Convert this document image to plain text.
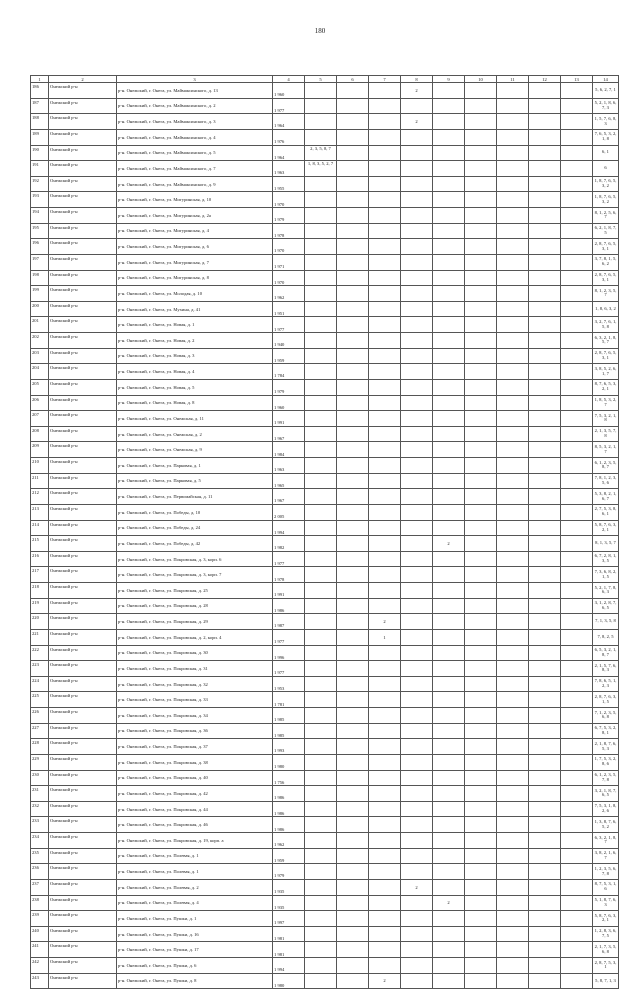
180
1	2	3	4	5	6	7	8	9	10	11	12	13	14
186	Онежский р-н	р-н. Онежский, г. Онега, ул. Маймаксинского, д. 13	1 960				2						5, 6, 2, 7, 1
187	Онежский р-н	р-н. Онежский, г. Онега, ул. Маймаксинского, д. 2	1 977										5, 2, 1, 8, 6, 7, 3
188	Онежский р-н	р-н. Онежский, г. Онега, ул. Маймаксинского, д. 3	1 964				2						1, 5, 7, 6, 8, 3
189	Онежский р-н	р-н. Онежский, г. Онега, ул. Маймаксинского, д. 4	1 976										7, 6, 5, 3, 2, 1, 8
190	Онежский р-н	р-н. Онежский, г. Онега, ул. Маймаксинского, д. 5	1 964	2, 3, 5, 8, 7									6, 1
191	Онежский р-н	р-н. Онежский, г. Онега, ул. Маймаксинского, д. 7	1 963	1, 8, 3, 5, 2, 7									6
192	Онежский р-н	р-н. Онежский, г. Онега, ул. Маймаксинского, д. 9	1 955										1, 8, 7, 6, 5, 3, 2
193	Онежский р-н	р-н. Онежский, г. Онега, ул. Мигуринская, д. 10	1 970										1, 8, 7, 6, 5, 3, 2
194	Онежский р-н	р-н. Онежский, г. Онега, ул. Мигуринская, д. 2а	1 979										8, 1, 2, 5, 6, 7
195	Онежский р-н	р-н. Онежский, г. Онега, ул. Мигуринская, д. 4	1 978										6, 2, 1, 8, 7, 5
196	Онежский р-н	р-н. Онежский, г. Онега, ул. Мигуринская, д. 6	1 970										2, 8, 7, 6, 5, 3, 1
197	Онежский р-н	р-н. Онежский, г. Онега, ул. Мигуринская, д. 7	1 971										3, 7, 8, 1, 5, 6, 2
198	Онежский р-н	р-н. Онежский, г. Онега, ул. Мигуринская, д. 8	1 970										2, 8, 7, 6, 5, 3, 1
199	Онежский р-н	р-н. Онежский, г. Онега, ул. Молодая, д. 10	1 962										8, 1, 2, 3, 5, 7
200	Онежский р-н	р-н. Онежский, г. Онега, ул. Мухина, д. 41	1 951										1, 8, 6, 3, 2
201	Онежский р-н	р-н. Онежский, г. Онега, ул. Новая, д. 1	1 977										3, 2, 7, 6, 1, 5, 8
202	Онежский р-н	р-н. Онежский, г. Онега, ул. Новая, д. 2	1 940										6, 3, 2, 1, 8, 5, 7
203	Онежский р-н	р-н. Онежский, г. Онега, ул. Новая, д. 3	1 959										2, 8, 7, 6, 5, 3, 1
204	Онежский р-н	р-н. Онежский, г. Онега, ул. Новая, д. 4	1 784										3, 8, 5, 2, 6, 1, 7
205	Онежский р-н	р-н. Онежский, г. Онега, ул. Новая, д. 5	1 979										8, 7, 6, 5, 3, 2, 1
206	Онежский р-н	р-н. Онежский, г. Онега, ул. Новая, д. 8	1 960										1, 8, 5, 3, 2, 7
207	Онежский р-н	р-н. Онежский, г. Онега, ул. Онежская, д. 11	1 991										7, 5, 3, 2, 1, 8
208	Онежский р-н	р-н. Онежский, г. Онега, ул. Онежская, д. 2	1 967										2, 1, 3, 5, 7, 8
209	Онежский р-н	р-н. Онежский, г. Онега, ул. Онежская, д. 9	1 984										8, 5, 3, 2, 1, 7
210	Онежский р-н	р-н. Онежский, г. Онега, ул. Парковая, д. 1	1 963										6, 1, 2, 3, 5, 8, 7
211	Онежский р-н	р-н. Онежский, г. Онега, ул. Парковая, д. 5	1 965										7, 8, 1, 2, 3, 5, 6
212	Онежский р-н	р-н. Онежский, г. Онега, ул. Первомайская, д. 11	1 967										5, 3, 8, 2, 1, 6, 7
213	Онежский р-н	р-н. Онежский, г. Онега, ул. Победы, д. 10	2 005										2, 7, 5, 3, 8, 6, 1
214	Онежский р-н	р-н. Онежский, г. Онега, ул. Победы, д. 24	1 994										5, 8, 7, 6, 3, 2, 1
215	Онежский р-н	р-н. Онежский, г. Онега, ул. Победы, д. 42	1 982					2					8, 1, 3, 5, 7
216	Онежский р-н	р-н. Онежский, г. Онега, ул. Покровская, д. 3, корп. 6	1 977										6, 7, 2, 8, 1, 3, 5
217	Онежский р-н	р-н. Онежский, г. Онега, ул. Покровская, д. 3, корп. 7	1 978										7, 3, 6, 8, 2, 1, 5
218	Онежский р-н	р-н. Онежский, г. Онега, ул. Покровская, д. 25	1 991										5, 2, 1, 7, 8, 6, 3
219	Онежский р-н	р-н. Онежский, г. Онега, ул. Покровская, д. 28	1 986										3, 1, 2, 8, 7, 6, 5
220	Онежский р-н	р-н. Онежский, г. Онега, ул. Покровская, д. 29	1 987			2							7, 1, 3, 5, 8
221	Онежский р-н	р-н. Онежский, г. Онега, ул. Покровская, д. 2, корп. 4	1 977			1							7, 8, 2, 5
222	Онежский р-н	р-н. Онежский, г. Онега, ул. Покровская, д. 30	1 996										6, 5, 3, 2, 1, 8, 7
223	Онежский р-н	р-н. Онежский, г. Онега, ул. Покровская, д. 31	1 977										2, 1, 5, 7, 6, 8, 3
224	Онежский р-н	р-н. Онежский, г. Онега, ул. Покровская, д. 32	1 953										7, 8, 6, 5, 1, 2, 3
225	Онежский р-н	р-н. Онежский, г. Онега, ул. Покровская, д. 33	1 781										2, 8, 7, 6, 3, 1, 5
226	Онежский р-н	р-н. Онежский, г. Онега, ул. Покровская, д. 34	1 985										7, 1, 2, 3, 5, 6, 8
227	Онежский р-н	р-н. Онежский, г. Онега, ул. Покровская, д. 36	1 985										6, 7, 5, 3, 2, 8, 1
228	Онежский р-н	р-н. Онежский, г. Онега, ул. Покровская, д. 37	1 993										2, 1, 8, 7, 6, 5, 3
229	Онежский р-н	р-н. Онежский, г. Онега, ул. Покровская, д. 38	1 980										1, 7, 5, 3, 2, 8, 6
230	Онежский р-н	р-н. Онежский, г. Онега, ул. Покровская, д. 40	1 756										6, 1, 2, 3, 5, 7, 8
231	Онежский р-н	р-н. Онежский, г. Онега, ул. Покровская, д. 42	1 986										3, 2, 1, 8, 7, 6, 5
232	Онежский р-н	р-н. Онежский, г. Онега, ул. Покровская, д. 44	1 986										7, 5, 3, 1, 8, 2, 6
233	Онежский р-н	р-н. Онежский, г. Онега, ул. Покровская, д. 46	1 986										1, 3, 8, 7, 6, 5, 2
234	Онежский р-н	р-н. Онежский, г. Онега, ул. Покровская, д. 19, корп. а	1 962										6, 3, 2, 1, 8, 7
235	Онежский р-н	р-н. Онежский, г. Онега, ул. Полевая, д. 1	1 959										3, 8, 2, 1, 6, 7
236	Онежский р-н	р-н. Онежский, г. Онега, ул. Полевая, д. 1	1 979										1, 2, 3, 5, 6, 7, 8
237	Онежский р-н	р-н. Онежский, г. Онега, ул. Полевая, д. 2	1 935				2						8, 7, 5, 3, 1, 6
238	Онежский р-н	р-н. Онежский, г. Онега, ул. Полевая, д. 4	1 935					2					5, 1, 8, 7, 6, 3
239	Онежский р-н	р-н. Онежский, г. Онега, ул. Пушки, д. 1	1 997										5, 8, 7, 6, 3, 2, 1
240	Онежский р-н	р-н. Онежский, г. Онега, ул. Пушки, д. 16	1 981										1, 2, 8, 3, 6, 7, 5
241	Онежский р-н	р-н. Онежский, г. Онега, ул. Пушки, д. 17	1 981										2, 1, 7, 3, 5, 6, 8
242	Онежский р-н	р-н. Онежский, г. Онега, ул. Пушки, д. 6	1 994										2, 8, 7, 5, 3, 1
243	Онежский р-н	р-н. Онежский, г. Онега, ул. Пушки, д. 8	1 980			2							5, 8, 7, 1, 3
